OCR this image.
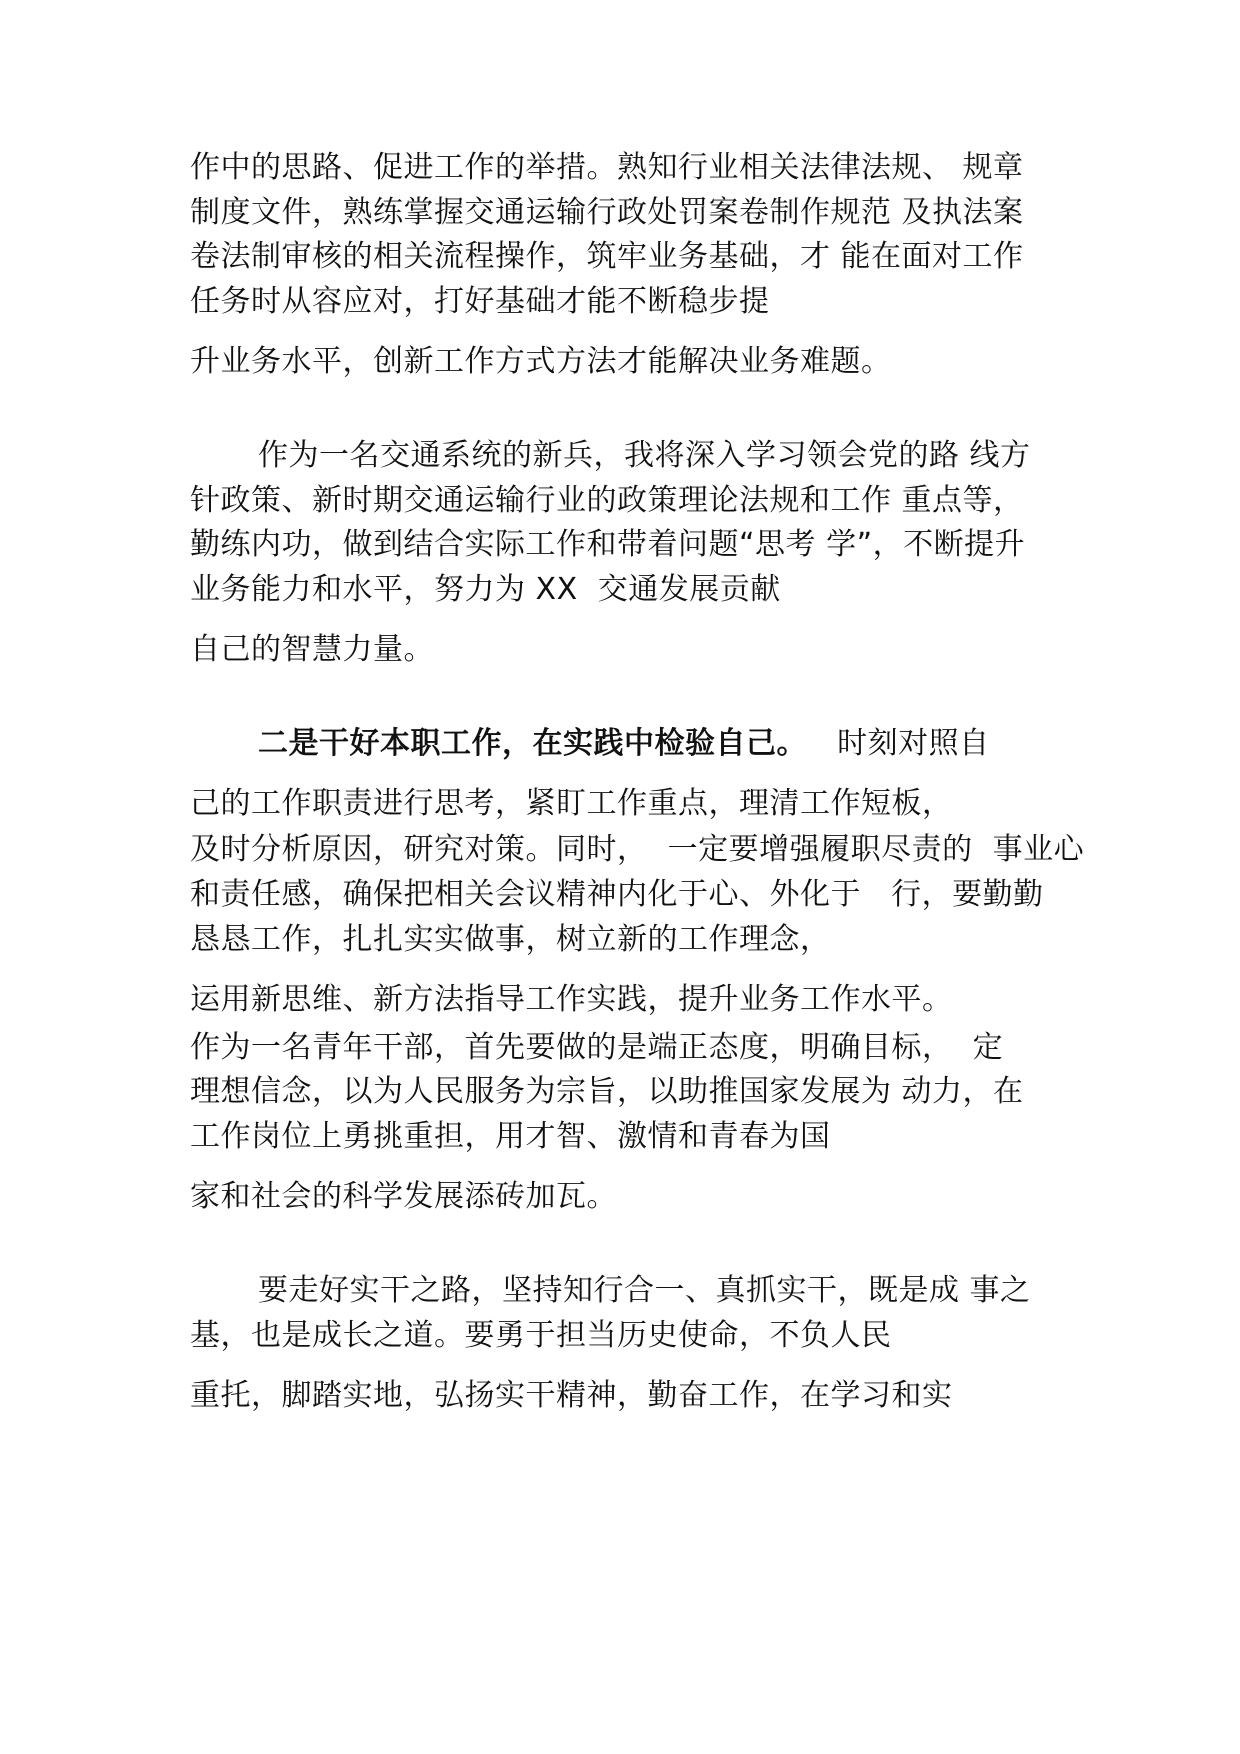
作中的思路、促进工作的举措。熟知行业相关法律法规、 规章
制度文件，熟练掌握交通运输行政处罚案卷制作规范 及执法案
卷法制审核的相关流程操作，筑牢业务基础，才 能在面对工作
任务时从容应对，打好基础才能不断稳步提
升业务水平，创新工作方式方法才能解决业务难题。
作为一名交通系统的新兵，我将深入学习领会党的路 线方
针政策、新时期交通运输行业的政策理论法规和工作 重点等，
勤练内功，做到结合实际工作和带着问题“思考 学”，不断提升
业务能力和水平，努力为 XX  交通发展贡献
自己的智慧力量。
二是干好本职工作，在实践中检验自己。   时刻对照自
己的工作职责进行思考，紧盯工作重点，理清工作短板，
及时分析原因，研究对策。同时，  一定要增强履职尽责的  事业心
和责任感，确保把相关会议精神内化于心、外化于   行，要勤勤
恳恳工作，扎扎实实做事，树立新的工作理念，
运用新思维、新方法指导工作实践，提升业务工作水平。
作为一名青年干部，首先要做的是端正态度，明确目标，  定
理想信念，以为人民服务为宗旨，以助推国家发展为 动力，在
工作岗位上勇挑重担，用才智、激情和青春为国
家和社会的科学发展添砖加瓦。
要走好实干之路，坚持知行合一、真抓实干，既是成 事之
基，也是成长之道。要勇于担当历史使命，不负人民
重托，脚踏实地，弘扬实干精神，勤奋工作，在学习和实
